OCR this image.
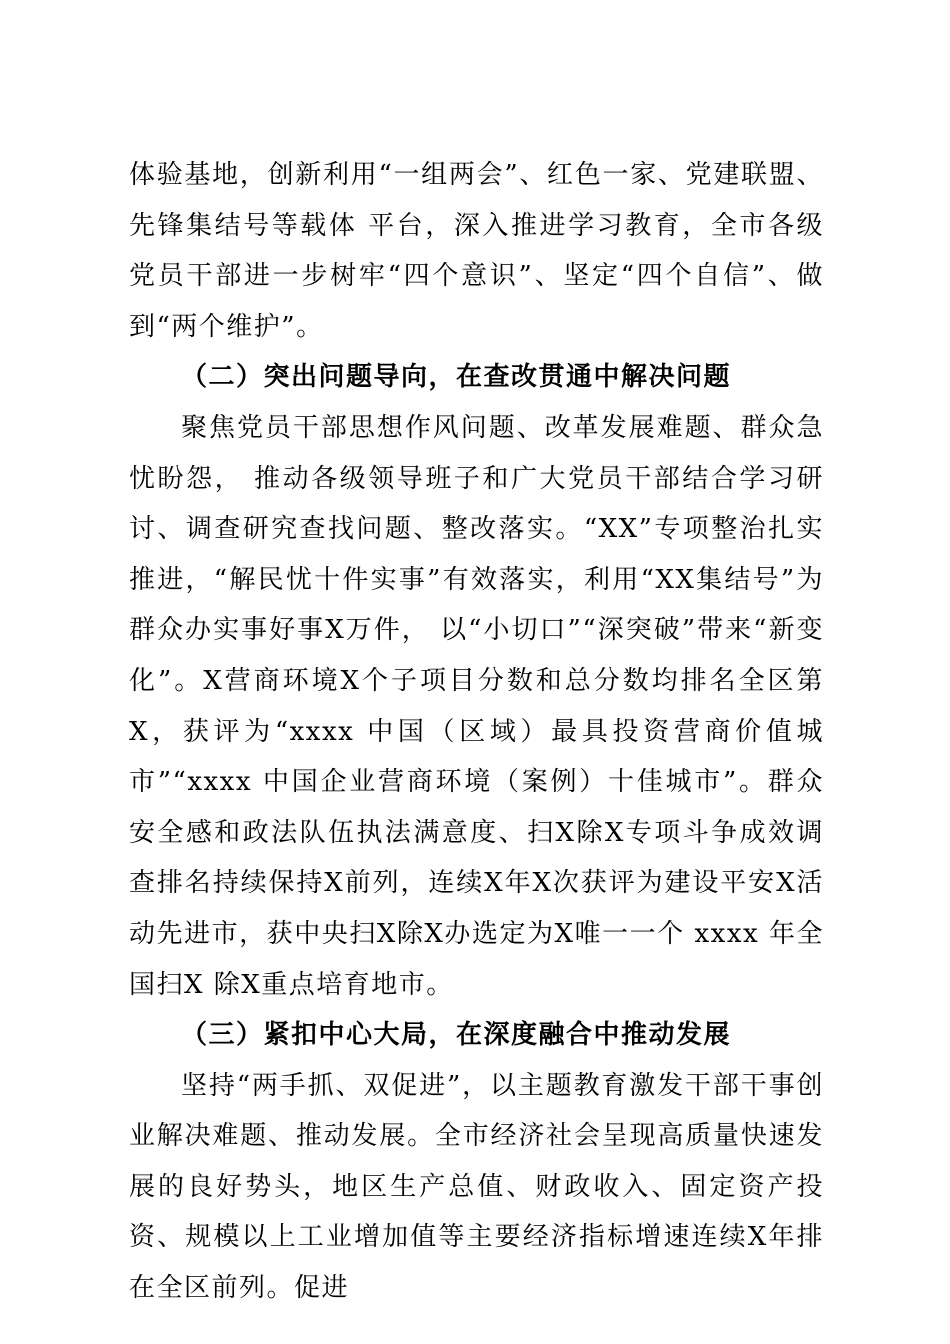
体验基地，创新利用“一组两会”、红色一家、党建联盟、先锋集结号等载体 平台，深入推进学习教育，全市各级党员干部进一步树牢“四个意识”、坚定“四个自信”、做到“两个维护”。

（二）突出问题导向，在查改贯通中解决问题

聚焦党员干部思想作风问题、改革发展难题、群众急忧盼怨， 推动各级领导班子和广大党员干部结合学习研讨、调查研究查找问题、整改落实。“XX”专项整治扎实推进，“解民忧十件实事”有效落实，利用“XX集结号”为群众办实事好事X万件， 以“小切口”“深突破”带来“新变化”。X营商环境X个子项目分数和总分数均排名全区第X，获评为“xxxx 中国（区域）最具投资营商价值城市”“xxxx 中国企业营商环境（案例）十佳城市”。群众安全感和政法队伍执法满意度、扫X除X专项斗争成效调查排名持续保持X前列，连续X年X次获评为建设平安X活动先进市，获中央扫X除X办选定为X唯一一个 xxxx 年全国扫X 除X重点培育地市。

（三）紧扣中心大局，在深度融合中推动发展

坚持“两手抓、双促进”，以主题教育激发干部干事创业解决难题、推动发展。全市经济社会呈现高质量快速发展的良好势头，地区生产总值、财政收入、固定资产投资、规模以上工业增加值等主要经济指标增速连续X年排在全区前列。促进
